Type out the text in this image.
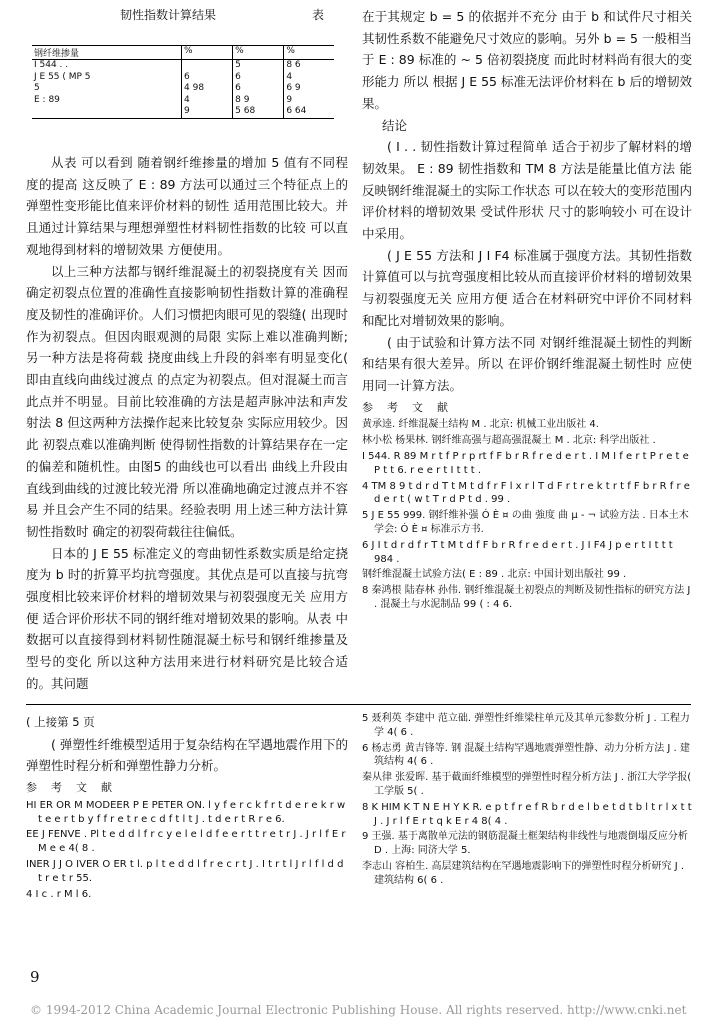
韧性指数计算结果	表
钢纤维掺量	%	%	%
I 544 . .		5	8 6
J E 55 ( MP 5	6	6	4
5	4 98	6	6 9
E : 89	4	8 9	9
	9	5 68	6 64

从表 可以看到 随着钢纤维掺量的增加 5 值有不同程度的提高 这反映了 E : 89 方法可以通过三个特征点上的弹塑性变形能比值来评价材料的韧性 适用范围比较大。并且通过计算结果与理想弹塑性材料韧性指数的比较 可以直观地得到材料的增韧效果 方便使用。

以上三种方法都与钢纤维混凝土的初裂挠度有关 因而确定初裂点位置的准确性直接影响韧性指数计算的准确程度及韧性的准确评价。人们习惯把肉眼可见的裂缝( 出现时作为初裂点。但因肉眼观测的局限 实际上难以准确判断; 另一种方法是将荷载 挠度曲线上升段的斜率有明显变化( 即由直线向曲线过渡点 的点定为初裂点。但对混凝土而言 此点并不明显。目前比较准确的方法是超声脉冲法和声发射法 8 但这两种方法操作起来比较复杂 实际应用较少。因此 初裂点难以准确判断 使得韧性指数的计算结果存在一定的偏差和随机性。由图5 的曲线也可以看出 曲线上升段由直线到曲线的过渡比较光滑 所以准确地确定过渡点并不容易 并且会产生不同的结果。经验表明 用上述三种方法计算韧性指数时 确定的初裂荷载往往偏低。

日本的 J E 55 标准定义的弯曲韧性系数实质是给定挠度为 b 时的折算平均抗弯强度。其优点是可以直接与抗弯强度相比较来评价材料的增韧效果与初裂强度无关 应用方便 适合评价形状不同的钢纤维对增韧效果的影响。从表 中数据可以直接得到材料韧性随混凝土标号和钢纤维掺量及型号的变化 所以这种方法用来进行材料研究是比较合适的。其问题

在于其规定 b = 5 的依据并不充分 由于 b 和试件尺寸相关 其韧性系数不能避免尺寸效应的影响。另外 b = 5 一般相当于 E : 89 标准的 ~ 5 倍初裂挠度 而此时材料尚有很大的变形能力 所以 根据 J E 55 标准无法评价材料在 b 后的增韧效果。

结论

( I . . 韧性指数计算过程简单 适合于初步了解材料的增韧效果。 E : 89 韧性指数和 TM 8 方法是能量比值方法 能反映钢纤维混凝土的实际工作状态 可以在较大的变形范围内评价材料的增韧效果 受试件形状 尺寸的影响较小 可在设计中采用。

( J E 55 方法和 J I F4 标准属于强度方法。其韧性指数计算值可以与抗弯强度相比较从而直接评价材料的增韧效果 与初裂强度无关 应用方便 适合在材料研究中评价不同材料和配比对增韧效果的影响。

( 由于试验和计算方法不同 对钢纤维混凝土韧性的判断和结果有很大差异。所以 在评价钢纤维混凝土韧性时 应使用同一计算方法。

参考文献

黄承逵. 纤维混凝土结构 M . 北京: 机械工业出版社 4.

林小松 杨果林. 钢纤维高强与超高强混凝土 M . 北京: 科学出版社 .

I 544. R 89 M r t f P r p rt f F b r R f r e d e r t . I M I f e r t P r e t e P t t 6. r e e r t I t t t .

4 TM 8 9 t d r d T t M t d f r F l x r l T d F r t r e k t r t f F b r R f r e d e r t ( w t T r d P t d . 99 .

5 J E 55 999. 钢纤维补强 Ó È ¤ の曲 強度 曲 µ - ¬ 试验方法 . 日本土木学会: Ó È ¤ 标准示方书.

6 J I t d r d f r T t M t d f F b r R f r e d e r t . J I F4 J p e r t I t t t 984 .

钢纤维混凝土试验方法( E : 89 . 北京: 中国计划出版社 99 .

8 秦鸿根 陆春林 孙伟. 钢纤维混凝土初裂点的判断及韧性指标的研究方法 J . 混凝土与水泥制品 99 ( : 4 6.

( 上接第 5 页

( 弹塑性纤维模型适用于复杂结构在罕遇地震作用下的弹塑性时程分析和弹塑性静力分析。

参考文献

HI ER OR M MODEER P E PETER ON. l y f e r c k f r t d e r e k r w t e e r t b y f f r e t r e c d f t l t J . t d e r t R r e 6.

EE J FENVE . Pl t e d d l f r c y e l e l d f e e r t t r e t r J . J r l f E r M e e 4( 8 .

INER J J O IVER O ER t l. p l t e d d l f r e c r t J . I t r t l J r l f l d d t r e t r 55.

4 I c . r M l 6.

5 聂利英 李建中 范立础. 弹塑性纤维梁柱单元及其单元参数分析 J . 工程力学 4( 6 .

6 杨志勇 黄吉锋等. 钢 混凝土结构罕遇地震弹塑性静、动力分析方法 J . 建筑结构 4( 6 .

秦从律 张爱晖. 基于截面纤维模型的弹塑性时程分析方法 J . 浙江大学学报( 工学版 5( .

8 K HIM K T N E H Y K R. e p t f r e f R b r d e l b e t d t b l t r l x t t J . J r l f E r t q k E r 4 8( 4 .

9 王强. 基于离散单元法的钢筋混凝土框架结构非线性与地震倒塌反应分析 D . 上海: 同济大学 5.

李志山 容柏生. 高层建筑结构在罕遇地震影响下的弹塑性时程分析研究 J . 建筑结构 6( 6 .

9
© 1994-2012 China Academic Journal Electronic Publishing House. All rights reserved. http://www.cnki.net
